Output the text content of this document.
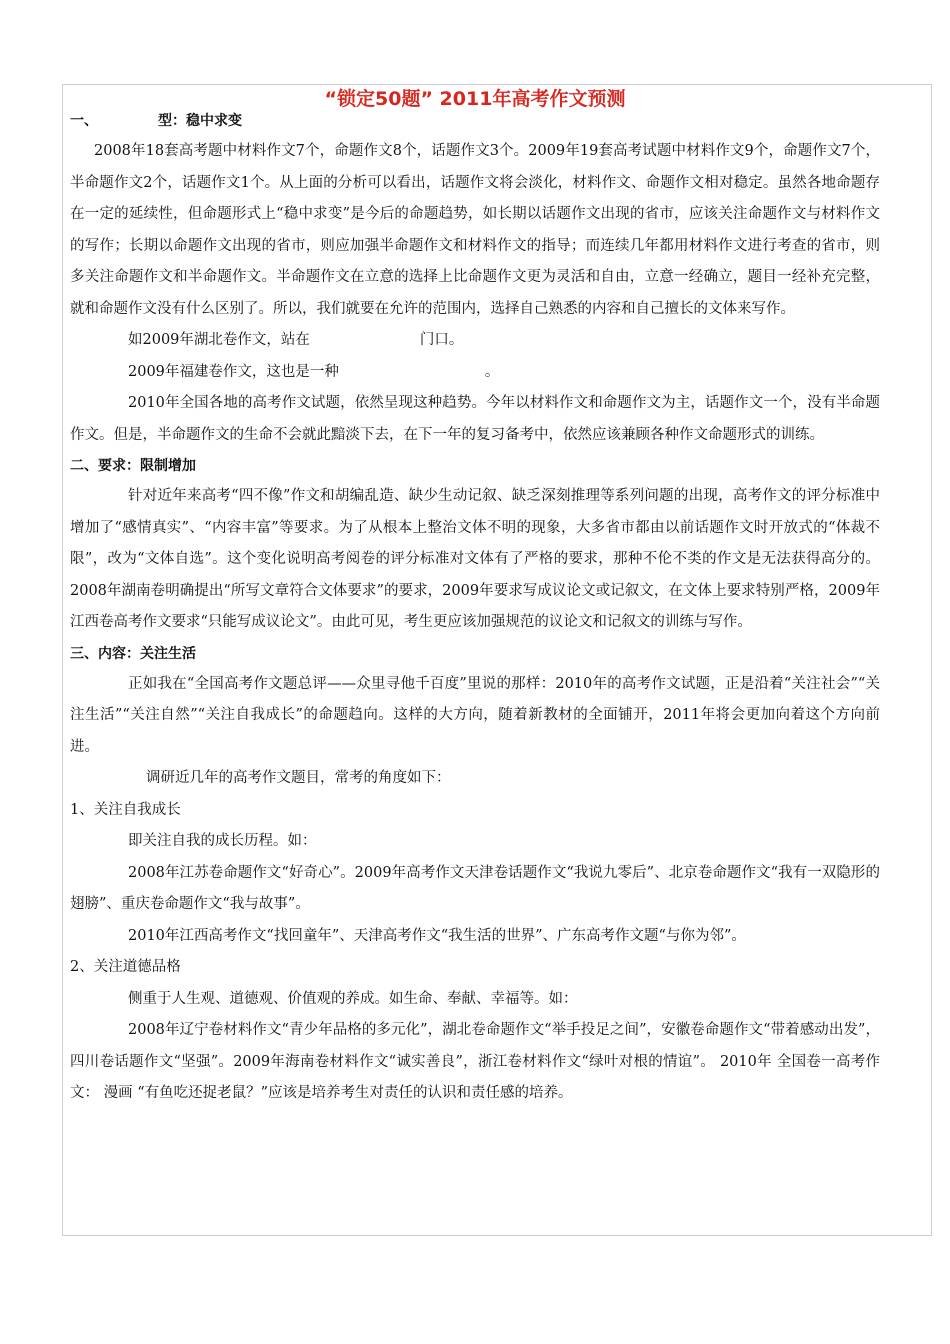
“锁定50题” 2011年高考作文预测
一、	型：稳中求变

2008年18套高考题中材料作文7个，命题作文8个，话题作文3个。2009年19套高考试题中材料作文9个，命题作文7个，半命题作文2个，话题作文1个。从上面的分析可以看出，话题作文将会淡化，材料作文、命题作文相对稳定。虽然各地命题存在一定的延续性，但命题形式上“稳中求变”是今后的命题趋势，如长期以话题作文出现的省市，应该关注命题作文与材料作文的写作；长期以命题作文出现的省市，则应加强半命题作文和材料作文的指导；而连续几年都用材料作文进行考查的省市，则多关注命题作文和半命题作文。半命题作文在立意的选择上比命题作文更为灵活和自由，立意一经确立，题目一经补充完整，就和命题作文没有什么区别了。所以，我们就要在允许的范围内，选择自己熟悉的内容和自己擅长的文体来写作。

如2009年湖北卷作文，站在	门口。

2009年福建卷作文，这也是一种	。

2010年全国各地的高考作文试题，依然呈现这种趋势。今年以材料作文和命题作文为主，话题作文一个，没有半命题作文。但是，半命题作文的生命不会就此黯淡下去，在下一年的复习备考中，依然应该兼顾各种作文命题形式的训练。

二、要求：限制增加

针对近年来高考“四不像”作文和胡编乱造、缺少生动记叙、缺乏深刻推理等系列问题的出现，高考作文的评分标准中增加了“感情真实”、“内容丰富”等要求。为了从根本上整治文体不明的现象，大多省市都由以前话题作文时开放式的“体裁不限”，改为“文体自选”。这个变化说明高考阅卷的评分标准对文体有了严格的要求，那种不伦不类的作文是无法获得高分的。2008年湖南卷明确提出“所写文章符合文体要求”的要求，2009年要求写成议论文或记叙文，在文体上要求特别严格，2009年江西卷高考作文要求“只能写成议论文”。由此可见，考生更应该加强规范的议论文和记叙文的训练与写作。

三、内容：关注生活

正如我在“全国高考作文题总评——众里寻他千百度”里说的那样：2010年的高考作文试题，正是沿着“关注社会”“关注生活”“关注自然”“关注自我成长”的命题趋向。这样的大方向，随着新教材的全面铺开，2011年将会更加向着这个方向前进。

调研近几年的高考作文题目，常考的角度如下：

1、关注自我成长

即关注自我的成长历程。如：

2008年江苏卷命题作文“好奇心”。2009年高考作文天津卷话题作文“我说九零后”、北京卷命题作文“我有一双隐形的翅膀”、重庆卷命题作文“我与故事”。

2010年江西高考作文“找回童年”、天津高考作文“我生活的世界”、广东高考作文题“与你为邻”。

2、关注道德品格

侧重于人生观、道德观、价值观的养成。如生命、奉献、幸福等。如：

2008年辽宁卷材料作文“青少年品格的多元化”，湖北卷命题作文“举手投足之间”，安徽卷命题作文“带着感动出发”，四川卷话题作文“坚强”。2009年海南卷材料作文“诚实善良”，浙江卷材料作文“绿叶对根的情谊”。 2010年 全国卷一高考作文： 漫画 “有鱼吃还捉老鼠？”应该是培养考生对责任的认识和责任感的培养。
